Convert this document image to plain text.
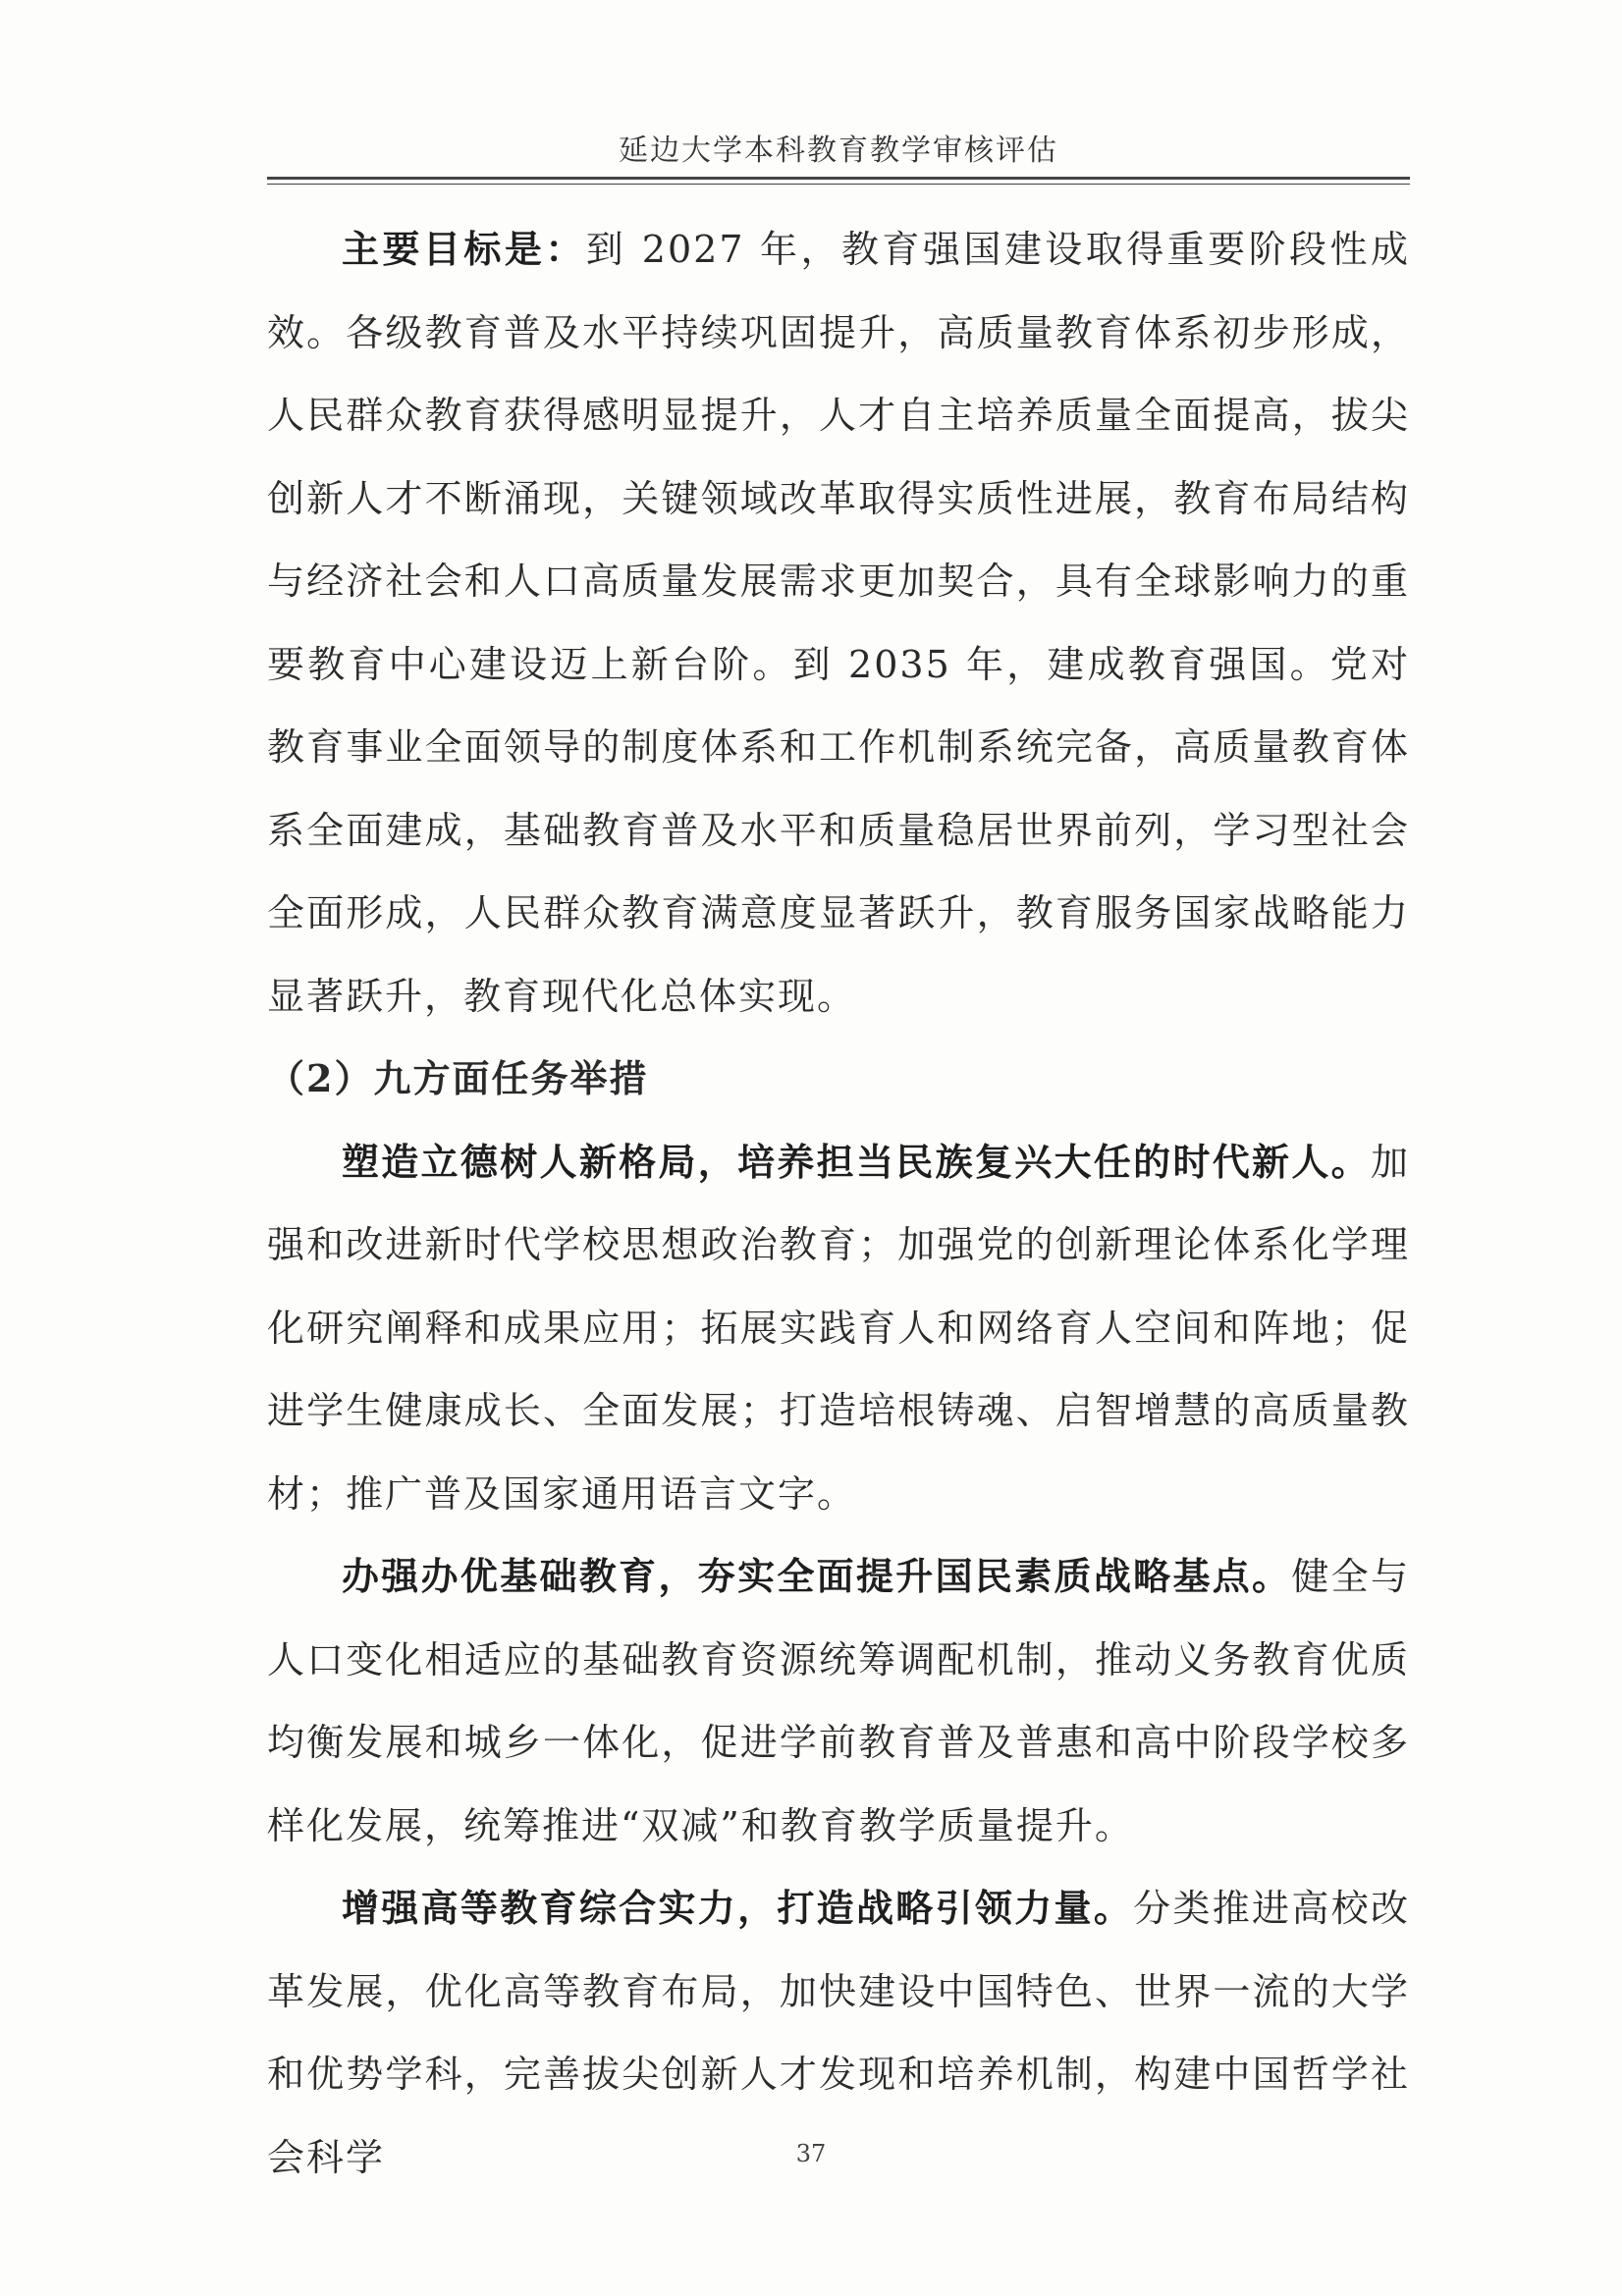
延边大学本科教育教学审核评估

主要目标是：到 2027 年，教育强国建设取得重要阶段性成效。各级教育普及水平持续巩固提升，高质量教育体系初步形成，人民群众教育获得感明显提升，人才自主培养质量全面提高，拔尖创新人才不断涌现，关键领域改革取得实质性进展，教育布局结构与经济社会和人口高质量发展需求更加契合，具有全球影响力的重要教育中心建设迈上新台阶。到 2035 年，建成教育强国。党对教育事业全面领导的制度体系和工作机制系统完备，高质量教育体系全面建成，基础教育普及水平和质量稳居世界前列，学习型社会全面形成，人民群众教育满意度显著跃升，教育服务国家战略能力显著跃升，教育现代化总体实现。

（2）九方面任务举措

塑造立德树人新格局，培养担当民族复兴大任的时代新人。加强和改进新时代学校思想政治教育；加强党的创新理论体系化学理化研究阐释和成果应用；拓展实践育人和网络育人空间和阵地；促进学生健康成长、全面发展；打造培根铸魂、启智增慧的高质量教材；推广普及国家通用语言文字。

办强办优基础教育，夯实全面提升国民素质战略基点。健全与人口变化相适应的基础教育资源统筹调配机制，推动义务教育优质均衡发展和城乡一体化，促进学前教育普及普惠和高中阶段学校多样化发展，统筹推进“双减”和教育教学质量提升。

增强高等教育综合实力，打造战略引领力量。分类推进高校改革发展，优化高等教育布局，加快建设中国特色、世界一流的大学和优势学科，完善拔尖创新人才发现和培养机制，构建中国哲学社会科学	37
